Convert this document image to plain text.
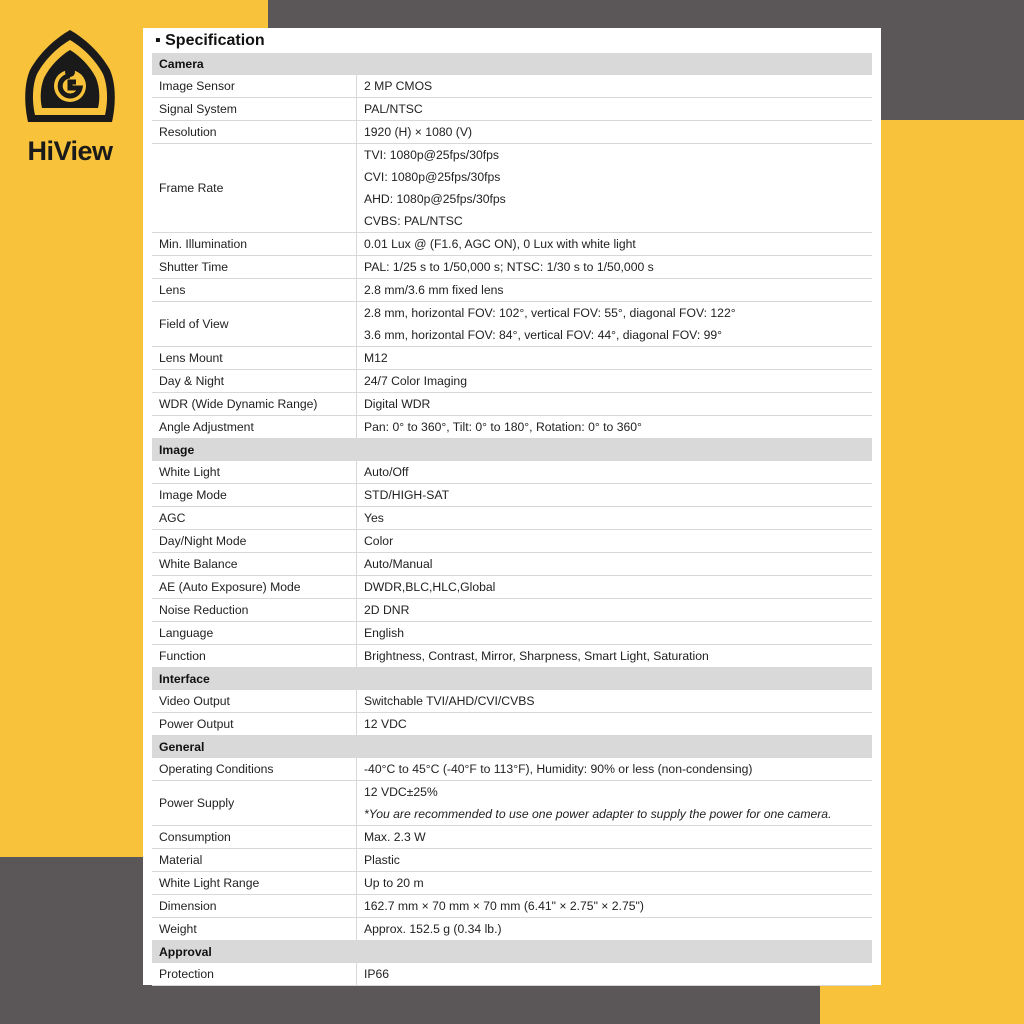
HiView
▪ Specification
Camera	
Image Sensor	2 MP CMOS

Signal System	PAL/NTSC

Resolution	1920 (H) × 1080 (V)

Frame Rate	TVI: 1080p@25fps/30fps
CVI: 1080p@25fps/30fps
AHD: 1080p@25fps/30fps
CVBS: PAL/NTSC

Min. Illumination	0.01 Lux @ (F1.6, AGC ON), 0 Lux with white light

Shutter Time	PAL: 1/25 s to 1/50,000 s; NTSC: 1/30 s to 1/50,000 s

Lens	2.8 mm/3.6 mm fixed lens

Field of View	2.8 mm, horizontal FOV: 102°, vertical FOV: 55°, diagonal FOV: 122°
3.6 mm, horizontal FOV: 84°, vertical FOV: 44°, diagonal FOV: 99°

Lens Mount	M12

Day & Night	24/7 Color Imaging

WDR (Wide Dynamic Range)	Digital WDR

Angle Adjustment	Pan: 0° to 360°, Tilt: 0° to 180°, Rotation: 0° to 360°

Image	
White Light	Auto/Off

Image Mode	STD/HIGH-SAT

AGC	Yes

Day/Night Mode	Color

White Balance	Auto/Manual

AE (Auto Exposure) Mode	DWDR,BLC,HLC,Global

Noise Reduction	2D DNR

Language	English

Function	Brightness, Contrast, Mirror, Sharpness, Smart Light, Saturation

Interface	
Video Output	Switchable TVI/AHD/CVI/CVBS

Power Output	12 VDC

General	
Operating Conditions	-40°C to 45°C (-40°F to 113°F), Humidity: 90% or less (non-condensing)

Power Supply	12 VDC±25%
*You are recommended to use one power adapter to supply the power for one camera.

Consumption	Max. 2.3 W

Material	Plastic

White Light Range	Up to 20 m

Dimension	162.7 mm × 70 mm × 70 mm (6.41" × 2.75" × 2.75")

Weight	Approx. 152.5 g (0.34 lb.)

Approval	
Protection	IP66
